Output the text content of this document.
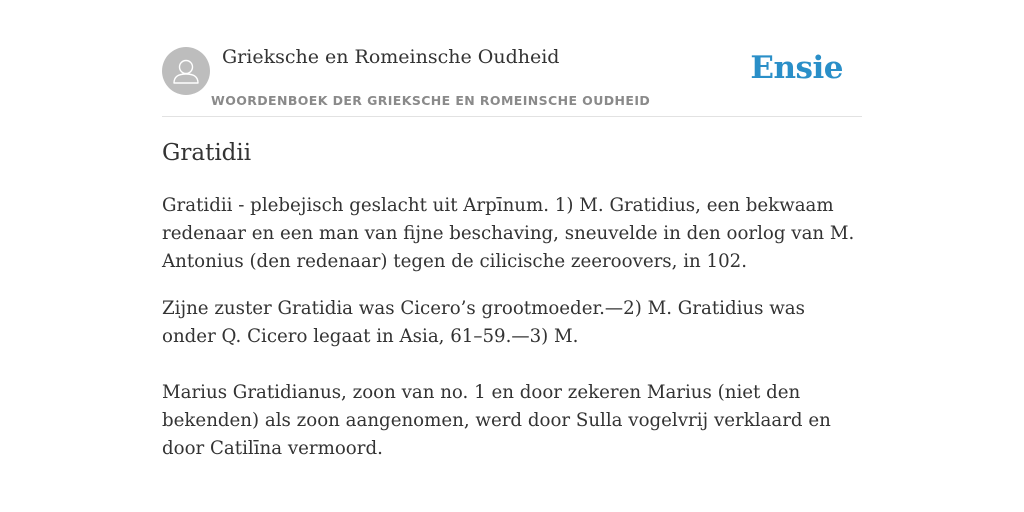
Grieksche en Romeinsche Oudheid
WOORDENBOEK DER GRIEKSCHE EN ROMEINSCHE OUDHEID
Ensie
Gratidii

Gratidii - plebejisch geslacht uit Arpīnum. 1) M. Gratidius, een bekwaam redenaar en een man van fijne beschaving, sneuvelde in den oorlog van M. Antonius (den redenaar) tegen de cilicische zeeroovers, in 102.

Zijne zuster Gratidia was Cicero’s grootmoeder.—2) M. Gratidius was onder Q. Cicero legaat in Asia, 61–59.—3) M.

Marius Gratidianus, zoon van no. 1 en door zekeren Marius (niet den bekenden) als zoon aangenomen, werd door Sulla vogelvrij verklaard en door Catilīna vermoord.
